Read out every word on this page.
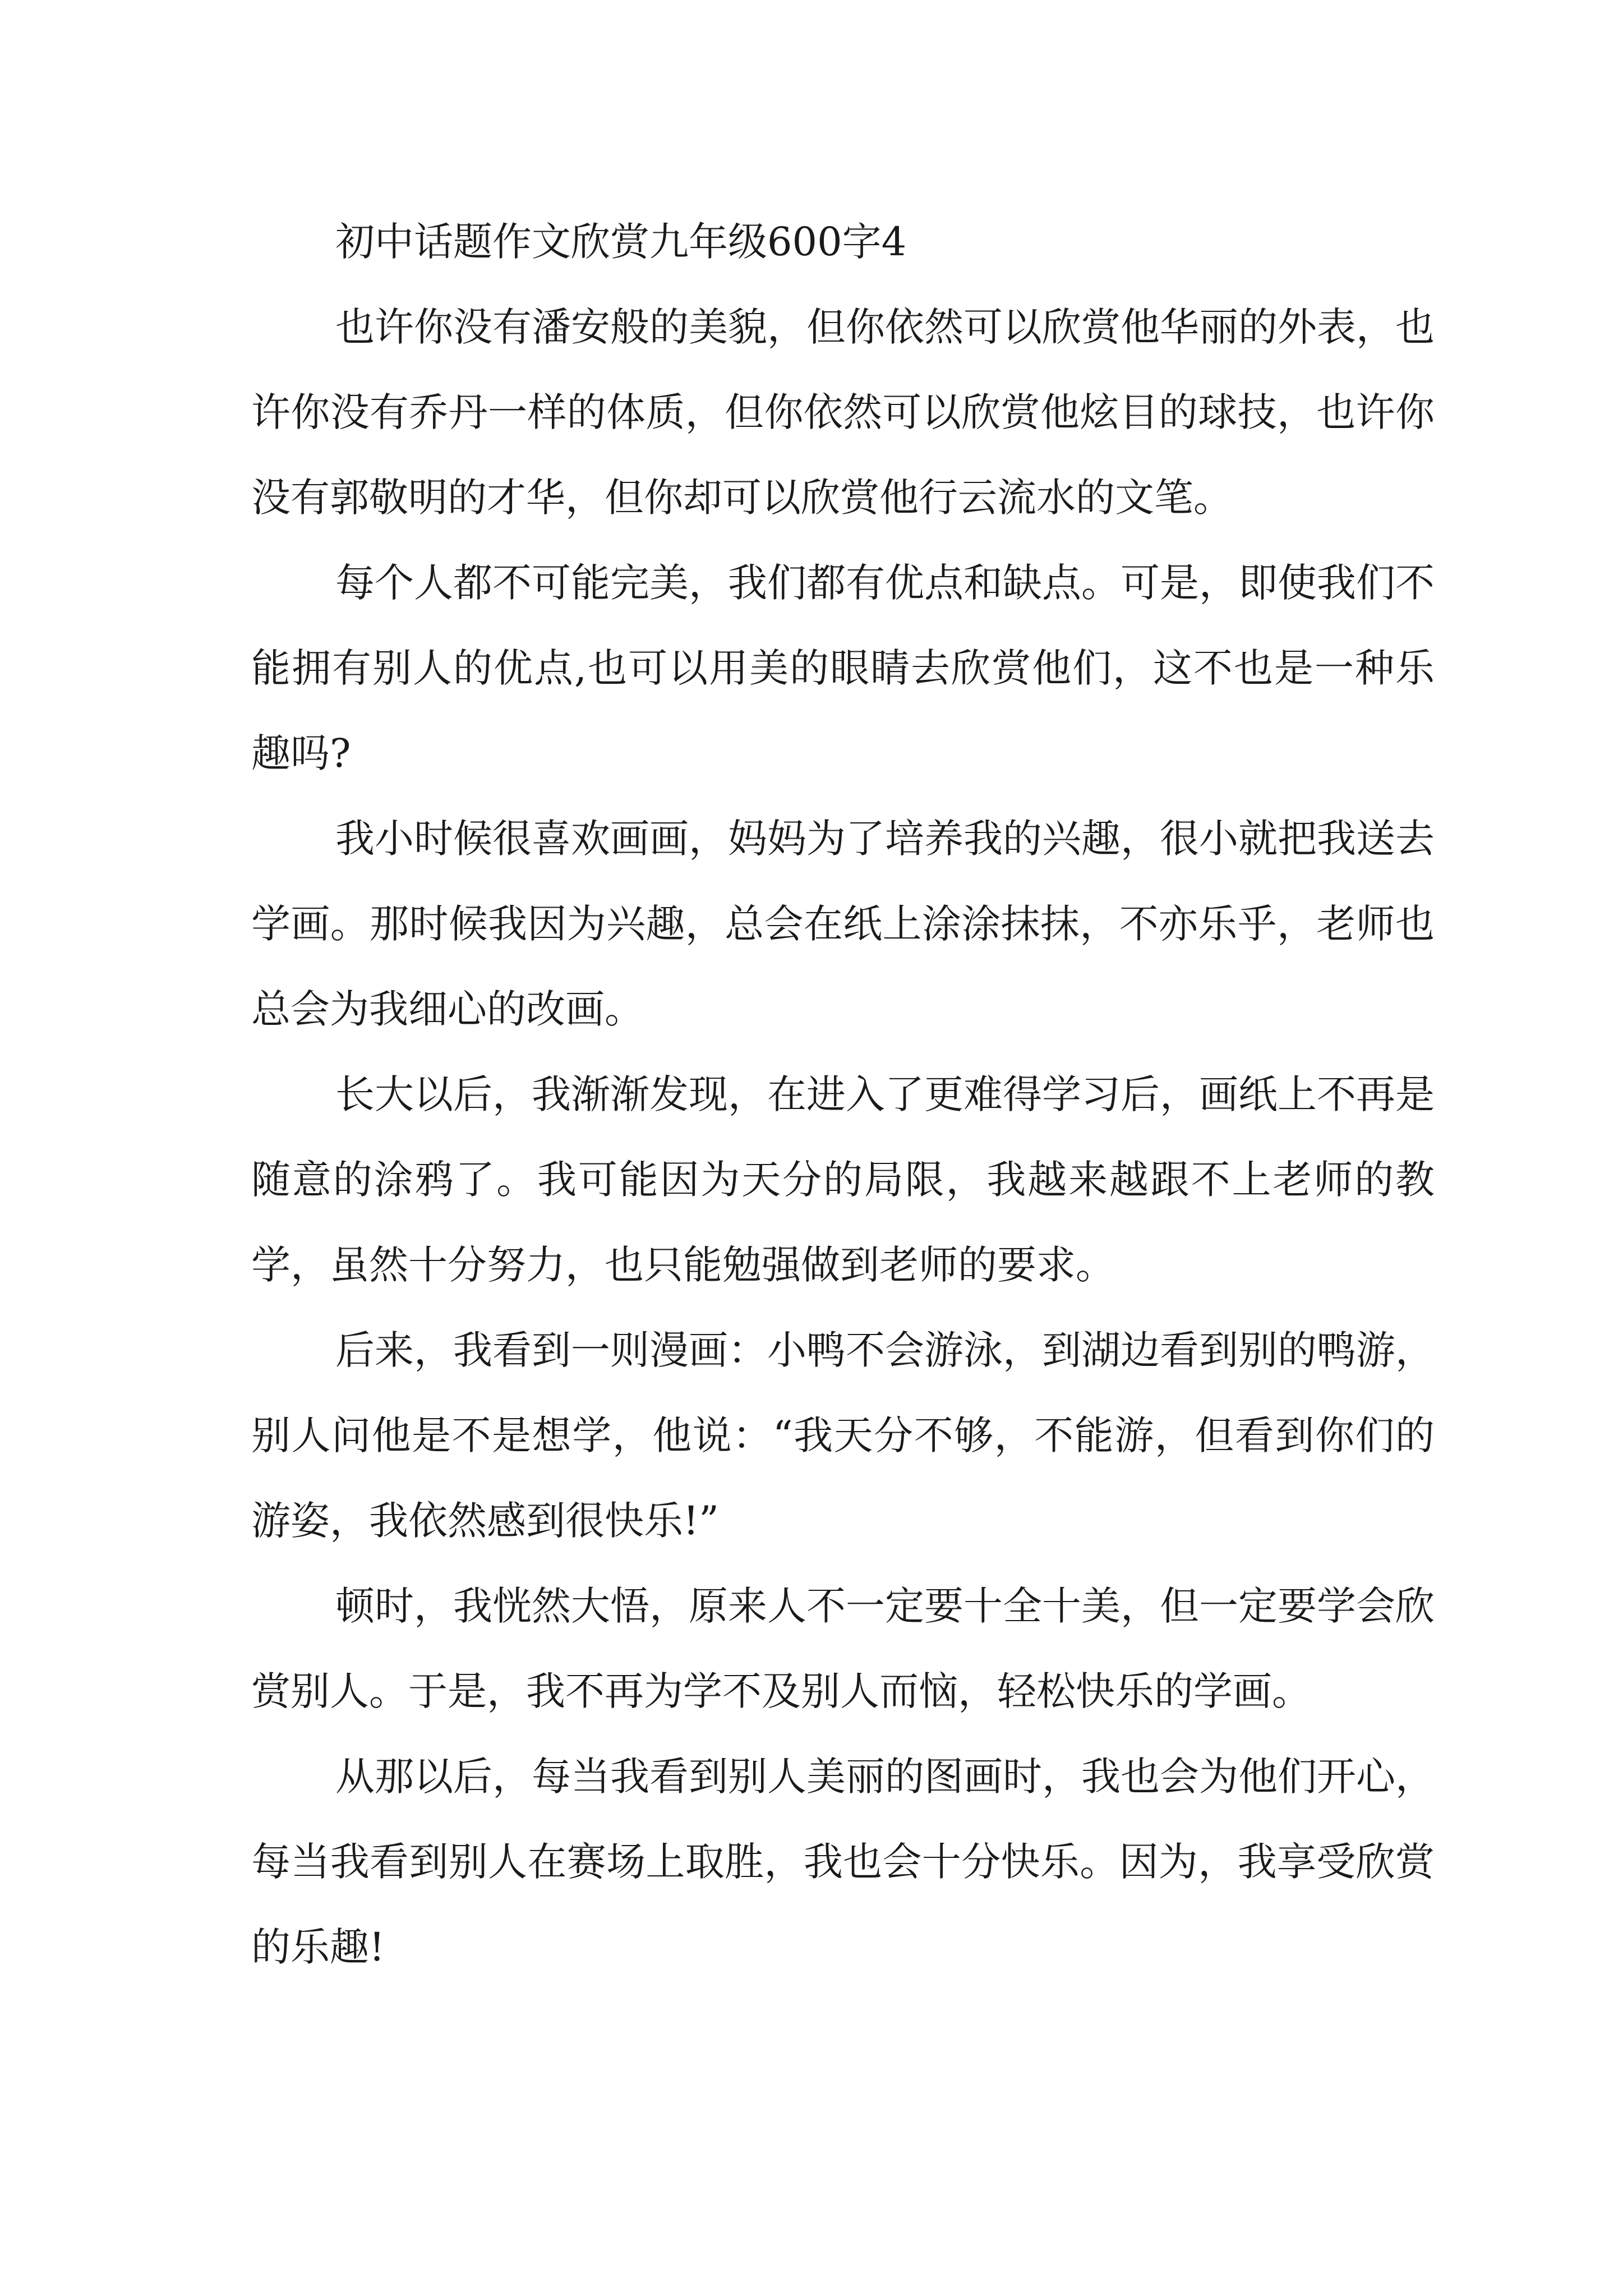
初中话题作文欣赏九年级600字4

也许你没有潘安般的美貌，但你依然可以欣赏他华丽的外表，也许你没有乔丹一样的体质，但你依然可以欣赏他炫目的球技，也许你没有郭敬明的才华，但你却可以欣赏他行云流水的文笔。

每个人都不可能完美，我们都有优点和缺点。可是，即使我们不能拥有别人的优点,也可以用美的眼睛去欣赏他们，这不也是一种乐趣吗?

我小时候很喜欢画画，妈妈为了培养我的兴趣，很小就把我送去学画。那时候我因为兴趣，总会在纸上涂涂抹抹，不亦乐乎，老师也总会为我细心的改画。

长大以后，我渐渐发现，在进入了更难得学习后，画纸上不再是随意的涂鸦了。我可能因为天分的局限，我越来越跟不上老师的教学，虽然十分努力，也只能勉强做到老师的要求。

后来，我看到一则漫画：小鸭不会游泳，到湖边看到别的鸭游，别人问他是不是想学，他说：“我天分不够，不能游，但看到你们的游姿，我依然感到很快乐!”

顿时，我恍然大悟，原来人不一定要十全十美，但一定要学会欣赏别人。于是，我不再为学不及别人而恼，轻松快乐的学画。

从那以后，每当我看到别人美丽的图画时，我也会为他们开心，每当我看到别人在赛场上取胜，我也会十分快乐。因为，我享受欣赏的乐趣!
